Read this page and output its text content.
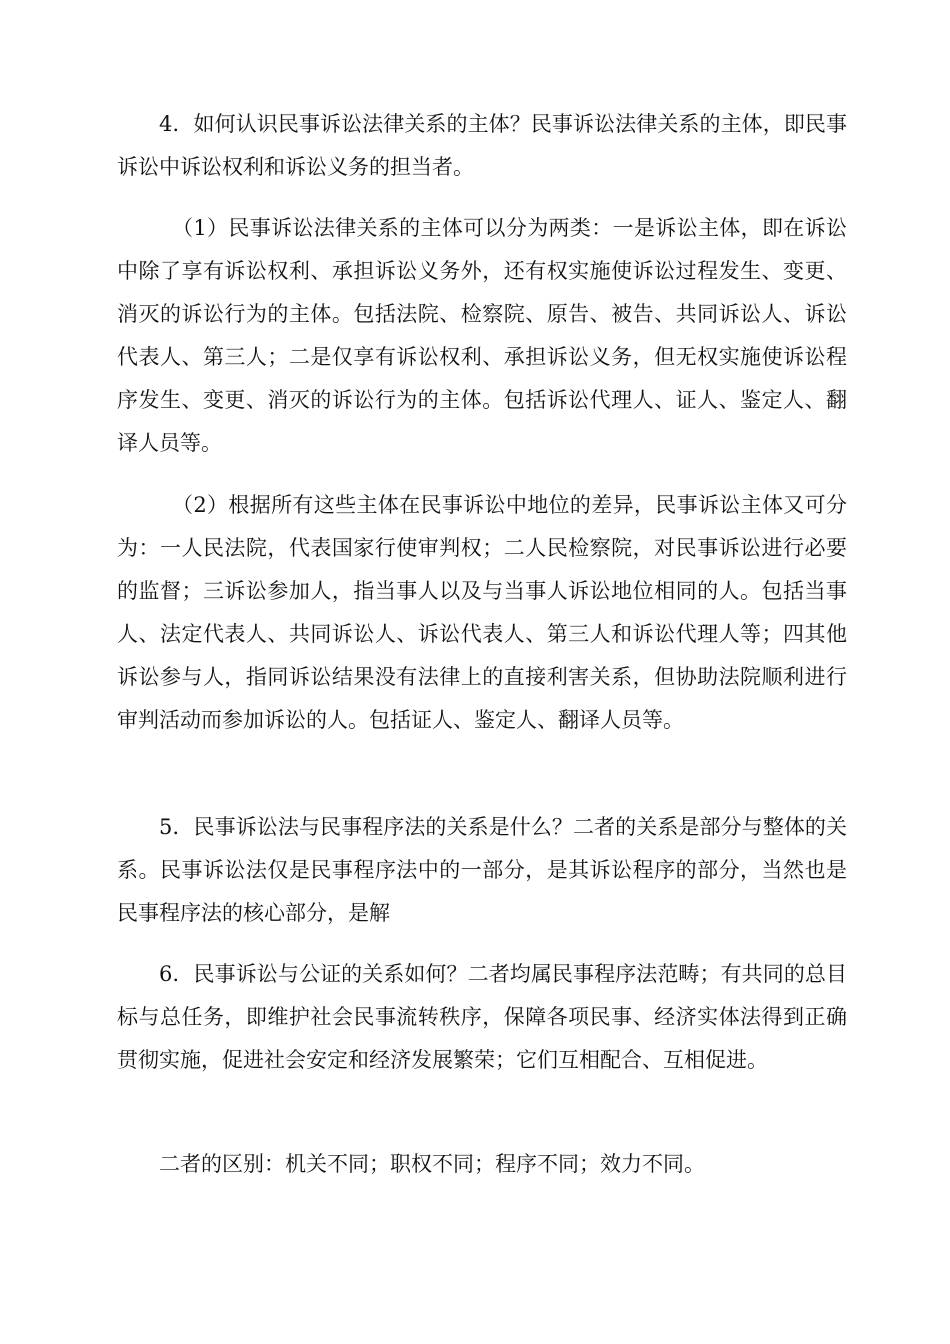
4．如何认识民事诉讼法律关系的主体？民事诉讼法律关系的主体，即民事诉讼中诉讼权利和诉讼义务的担当者。

（1）民事诉讼法律关系的主体可以分为两类：一是诉讼主体，即在诉讼中除了享有诉讼权利、承担诉讼义务外，还有权实施使诉讼过程发生、变更、消灭的诉讼行为的主体。包括法院、检察院、原告、被告、共同诉讼人、诉讼代表人、第三人；二是仅享有诉讼权利、承担诉讼义务，但无权实施使诉讼程序发生、变更、消灭的诉讼行为的主体。包括诉讼代理人、证人、鉴定人、翻译人员等。

（2）根据所有这些主体在民事诉讼中地位的差异，民事诉讼主体又可分为：一人民法院，代表国家行使审判权；二人民检察院，对民事诉讼进行必要的监督；三诉讼参加人，指当事人以及与当事人诉讼地位相同的人。包括当事人、法定代表人、共同诉讼人、诉讼代表人、第三人和诉讼代理人等；四其他诉讼参与人，指同诉讼结果没有法律上的直接利害关系，但协助法院顺利进行审判活动而参加诉讼的人。包括证人、鉴定人、翻译人员等。

5．民事诉讼法与民事程序法的关系是什么？二者的关系是部分与整体的关系。民事诉讼法仅是民事程序法中的一部分，是其诉讼程序的部分，当然也是民事程序法的核心部分，是解

6．民事诉讼与公证的关系如何？二者均属民事程序法范畴；有共同的总目标与总任务，即维护社会民事流转秩序，保障各项民事、经济实体法得到正确贯彻实施，促进社会安定和经济发展繁荣；它们互相配合、互相促进。

二者的区别：机关不同；职权不同；程序不同；效力不同。
